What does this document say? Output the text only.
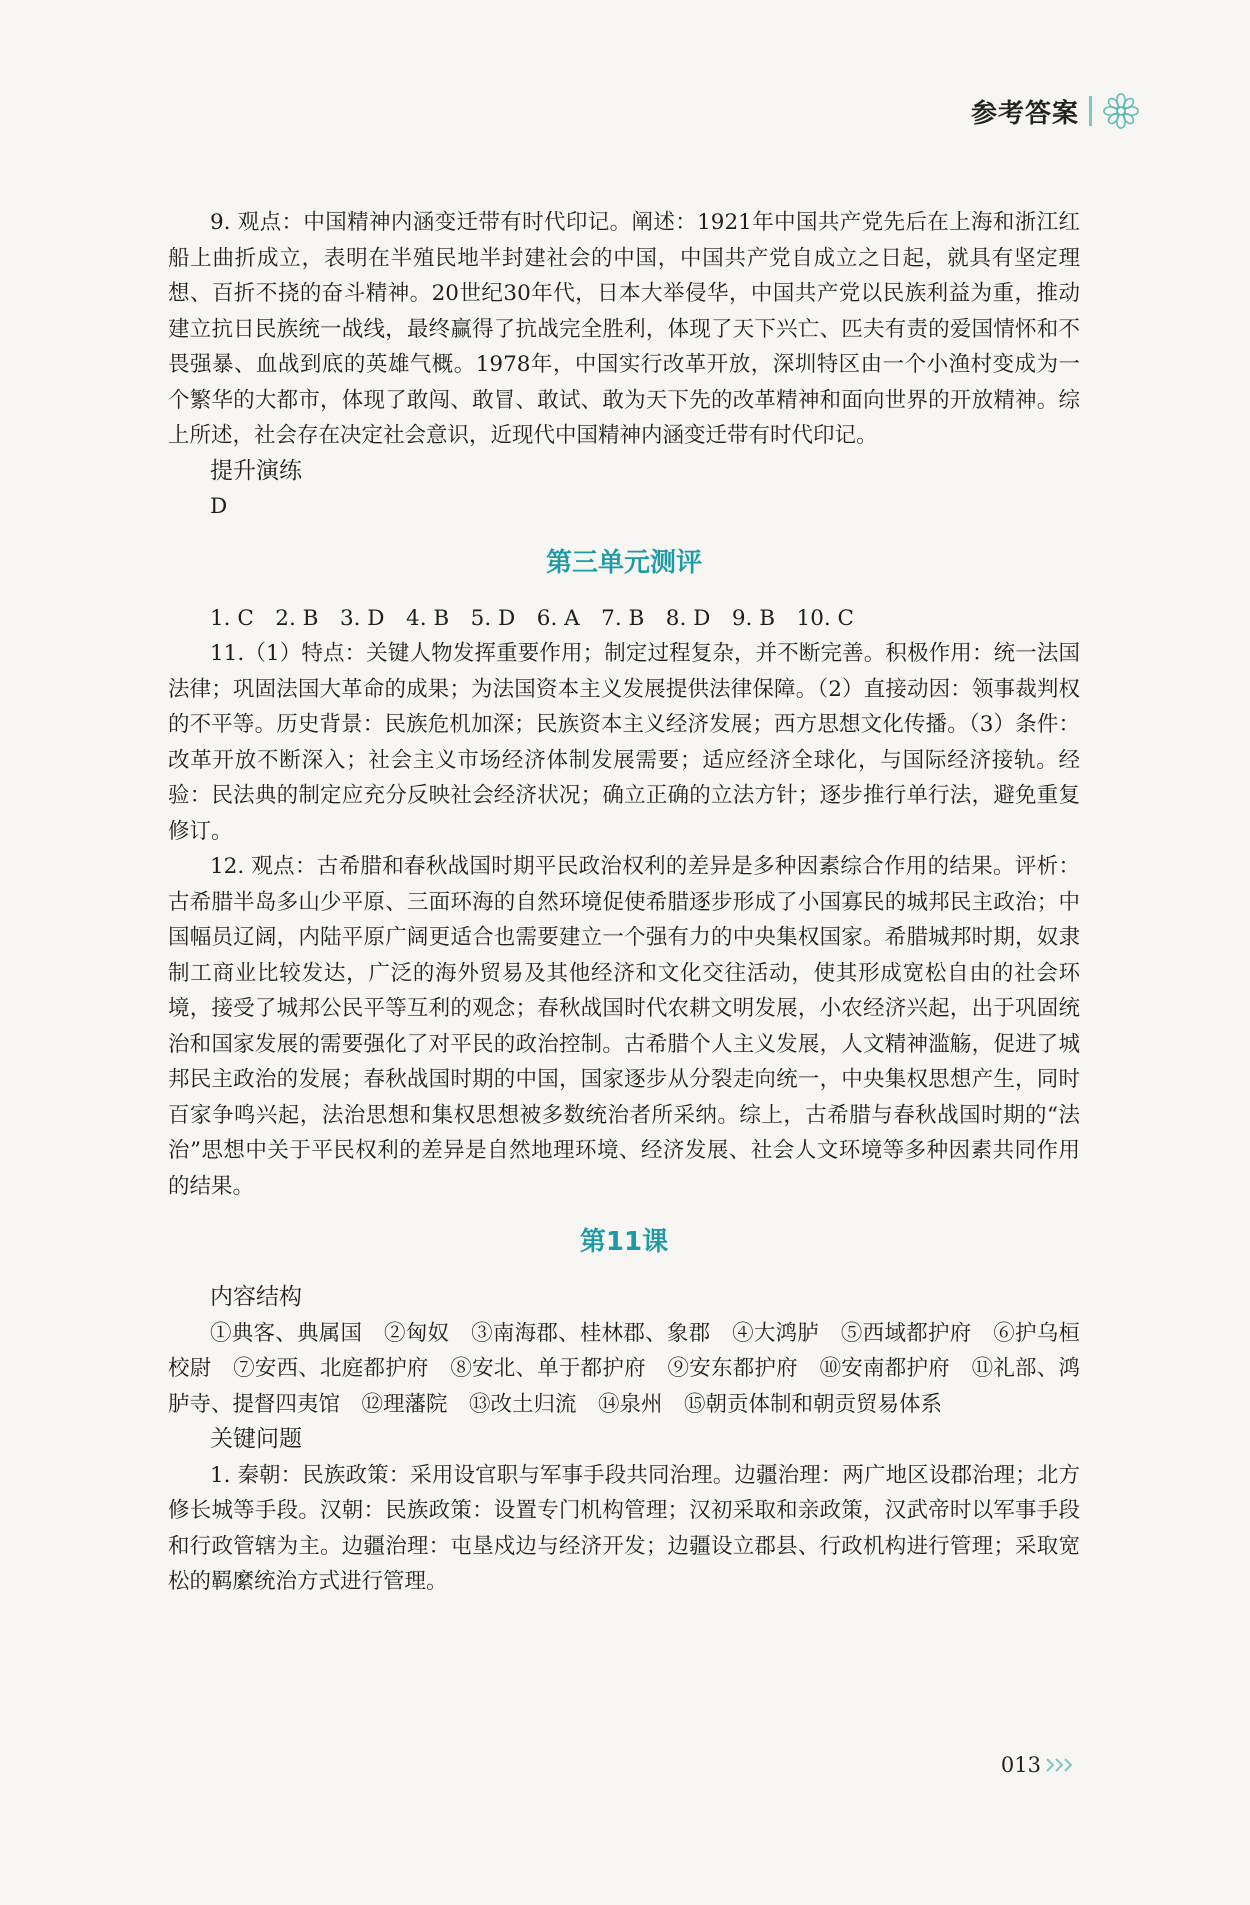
参考答案

9. 观点：中国精神内涵变迁带有时代印记。阐述：1921年中国共产党先后在上海和浙江红船上曲折成立，表明在半殖民地半封建社会的中国，中国共产党自成立之日起，就具有坚定理想、百折不挠的奋斗精神。20世纪30年代，日本大举侵华，中国共产党以民族利益为重，推动建立抗日民族统一战线，最终赢得了抗战完全胜利，体现了天下兴亡、匹夫有责的爱国情怀和不畏强暴、血战到底的英雄气概。1978年，中国实行改革开放，深圳特区由一个小渔村变成为一个繁华的大都市，体现了敢闯、敢冒、敢试、敢为天下先的改革精神和面向世界的开放精神。综上所述，社会存在决定社会意识，近现代中国精神内涵变迁带有时代印记。

提升演练

D

第三单元测评

1. C　2. B　3. D　4. B　5. D　6. A　7. B　8. D　9. B　10. C

11.（1）特点：关键人物发挥重要作用；制定过程复杂，并不断完善。积极作用：统一法国法律；巩固法国大革命的成果；为法国资本主义发展提供法律保障。（2）直接动因：领事裁判权的不平等。历史背景：民族危机加深；民族资本主义经济发展；西方思想文化传播。（3）条件：改革开放不断深入；社会主义市场经济体制发展需要；适应经济全球化，与国际经济接轨。经验：民法典的制定应充分反映社会经济状况；确立正确的立法方针；逐步推行单行法，避免重复修订。

12. 观点：古希腊和春秋战国时期平民政治权利的差异是多种因素综合作用的结果。评析：古希腊半岛多山少平原、三面环海的自然环境促使希腊逐步形成了小国寡民的城邦民主政治；中国幅员辽阔，内陆平原广阔更适合也需要建立一个强有力的中央集权国家。希腊城邦时期，奴隶制工商业比较发达，广泛的海外贸易及其他经济和文化交往活动，使其形成宽松自由的社会环境，接受了城邦公民平等互利的观念；春秋战国时代农耕文明发展，小农经济兴起，出于巩固统治和国家发展的需要强化了对平民的政治控制。古希腊个人主义发展，人文精神滥觞，促进了城邦民主政治的发展；春秋战国时期的中国，国家逐步从分裂走向统一，中央集权思想产生，同时百家争鸣兴起，法治思想和集权思想被多数统治者所采纳。综上，古希腊与春秋战国时期的“法治”思想中关于平民权利的差异是自然地理环境、经济发展、社会人文环境等多种因素共同作用的结果。

第11课

内容结构

①典客、典属国　②匈奴　③南海郡、桂林郡、象郡　④大鸿胪　⑤西域都护府　⑥护乌桓校尉　⑦安西、北庭都护府　⑧安北、单于都护府　⑨安东都护府　⑩安南都护府　⑪礼部、鸿胪寺、提督四夷馆　⑫理藩院　⑬改土归流　⑭泉州　⑮朝贡体制和朝贡贸易体系

关键问题

1. 秦朝：民族政策：采用设官职与军事手段共同治理。边疆治理：两广地区设郡治理；北方修长城等手段。汉朝：民族政策：设置专门机构管理；汉初采取和亲政策，汉武帝时以军事手段和行政管辖为主。边疆治理：屯垦戍边与经济开发；边疆设立郡县、行政机构进行管理；采取宽松的羁縻统治方式进行管理。

013
